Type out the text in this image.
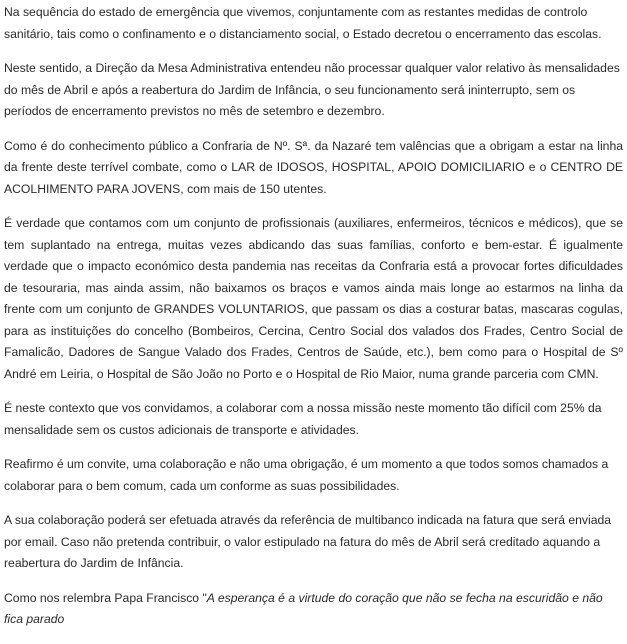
Na sequência do estado de emergência que vivemos, conjuntamente com as restantes medidas de controlo sanitário, tais como o confinamento e o distanciamento social, o Estado decretou o encerramento das escolas.

Neste sentido, a Direção da Mesa Administrativa entendeu não processar qualquer valor relativo às mensalidades do mês de Abril e após a reabertura do Jardim de Infância, o seu funcionamento será ininterrupto, sem os períodos de encerramento previstos no mês de setembro e dezembro.

Como é do conhecimento público a Confraria de Nº. Sª. da Nazaré tem valências que a obrigam a estar na linha da frente deste terrível combate, como o LAR de IDOSOS, HOSPITAL, APOIO DOMICILIARIO e o CENTRO DE ACOLHIMENTO PARA JOVENS, com mais de 150 utentes.

É verdade que contamos com um conjunto de profissionais (auxiliares, enfermeiros, técnicos e médicos), que se tem suplantado na entrega, muitas vezes abdicando das suas famílias, conforto e bem-estar. É igualmente verdade que o impacto económico desta pandemia nas receitas da Confraria está a provocar fortes dificuldades de tesouraria, mas ainda assim, não baixamos os braços e vamos ainda mais longe ao estarmos na linha da frente com um conjunto de GRANDES VOLUNTARIOS, que passam os dias a costurar batas, mascaras cogulas, para as instituições do concelho (Bombeiros, Cercina, Centro Social dos valados dos Frades, Centro Social de Famalicão, Dadores de Sangue Valado dos Frades, Centros de Saúde, etc.), bem como para o Hospital de Sº André em Leiria, o Hospital de São João no Porto e o Hospital de Rio Maior, numa grande parceria com CMN.

É neste contexto que vos convidamos, a colaborar com a nossa missão neste momento tão difícil com 25% da mensalidade sem os custos adicionais de transporte e atividades.

Reafirmo é um convite, uma colaboração e não uma obrigação, é um momento a que todos somos chamados a colaborar para o bem comum, cada um conforme as suas possibilidades.

A sua colaboração poderá ser efetuada através da referência de multibanco indicada na fatura que será enviada por email. Caso não pretenda contribuir, o valor estipulado na fatura do mês de Abril será creditado aquando a reabertura do Jardim de Infância.

Como nos relembra Papa Francisco "A esperança é a virtude do coração que não se fecha na escuridão e não fica parado
